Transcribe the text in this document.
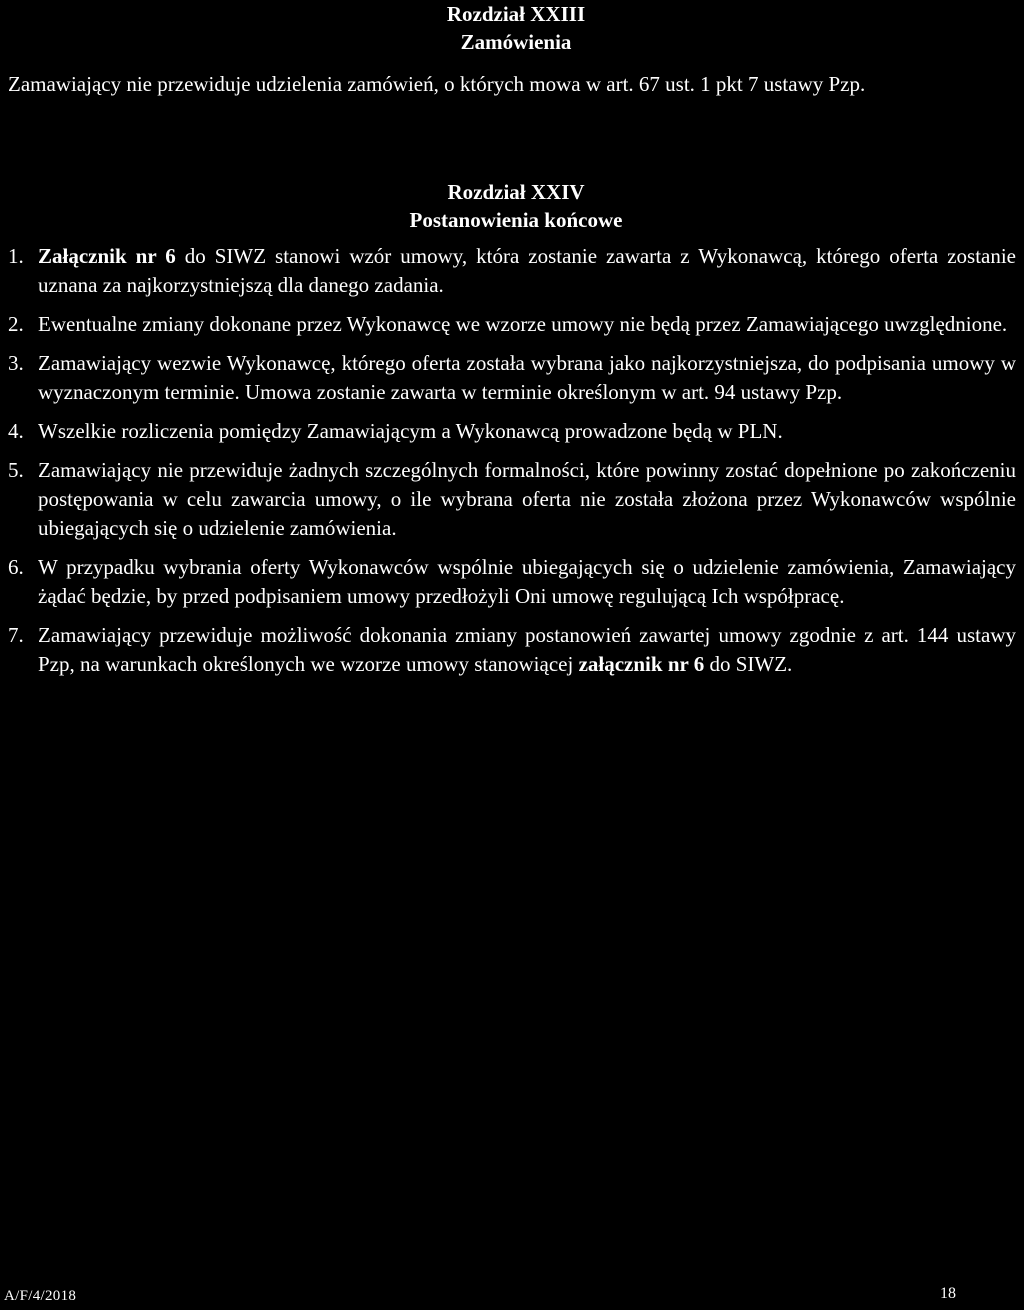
Rozdział XXIII
Zamówienia
Zamawiający nie przewiduje udzielenia zamówień, o których mowa w art. 67 ust. 1 pkt 7 ustawy Pzp.
Rozdział XXIV
Postanowienia końcowe
1. Załącznik nr 6 do SIWZ stanowi wzór umowy, która zostanie zawarta z Wykonawcą, którego oferta zostanie uznana za najkorzystniejszą dla danego zadania.
2. Ewentualne zmiany dokonane przez Wykonawcę we wzorze umowy nie będą przez Zamawiającego uwzględnione.
3. Zamawiający wezwie Wykonawcę, którego oferta została wybrana jako najkorzystniejsza, do podpisania umowy w wyznaczonym terminie. Umowa zostanie zawarta w terminie określonym w art. 94 ustawy Pzp.
4. Wszelkie rozliczenia pomiędzy Zamawiającym a Wykonawcą prowadzone będą w PLN.
5. Zamawiający nie przewiduje żadnych szczególnych formalności, które powinny zostać dopełnione po zakończeniu postępowania w celu zawarcia umowy, o ile wybrana oferta nie została złożona przez Wykonawców wspólnie ubiegających się o udzielenie zamówienia.
6. W przypadku wybrania oferty Wykonawców wspólnie ubiegających się o udzielenie zamówienia, Zamawiający żądać będzie, by przed podpisaniem umowy przedłożyli Oni umowę regulującą Ich współpracę.
7. Zamawiający przewiduje możliwość dokonania zmiany postanowień zawartej umowy zgodnie z art. 144 ustawy Pzp, na warunkach określonych we wzorze umowy stanowiącej załącznik nr 6 do SIWZ.
A/F/4/2018	18
